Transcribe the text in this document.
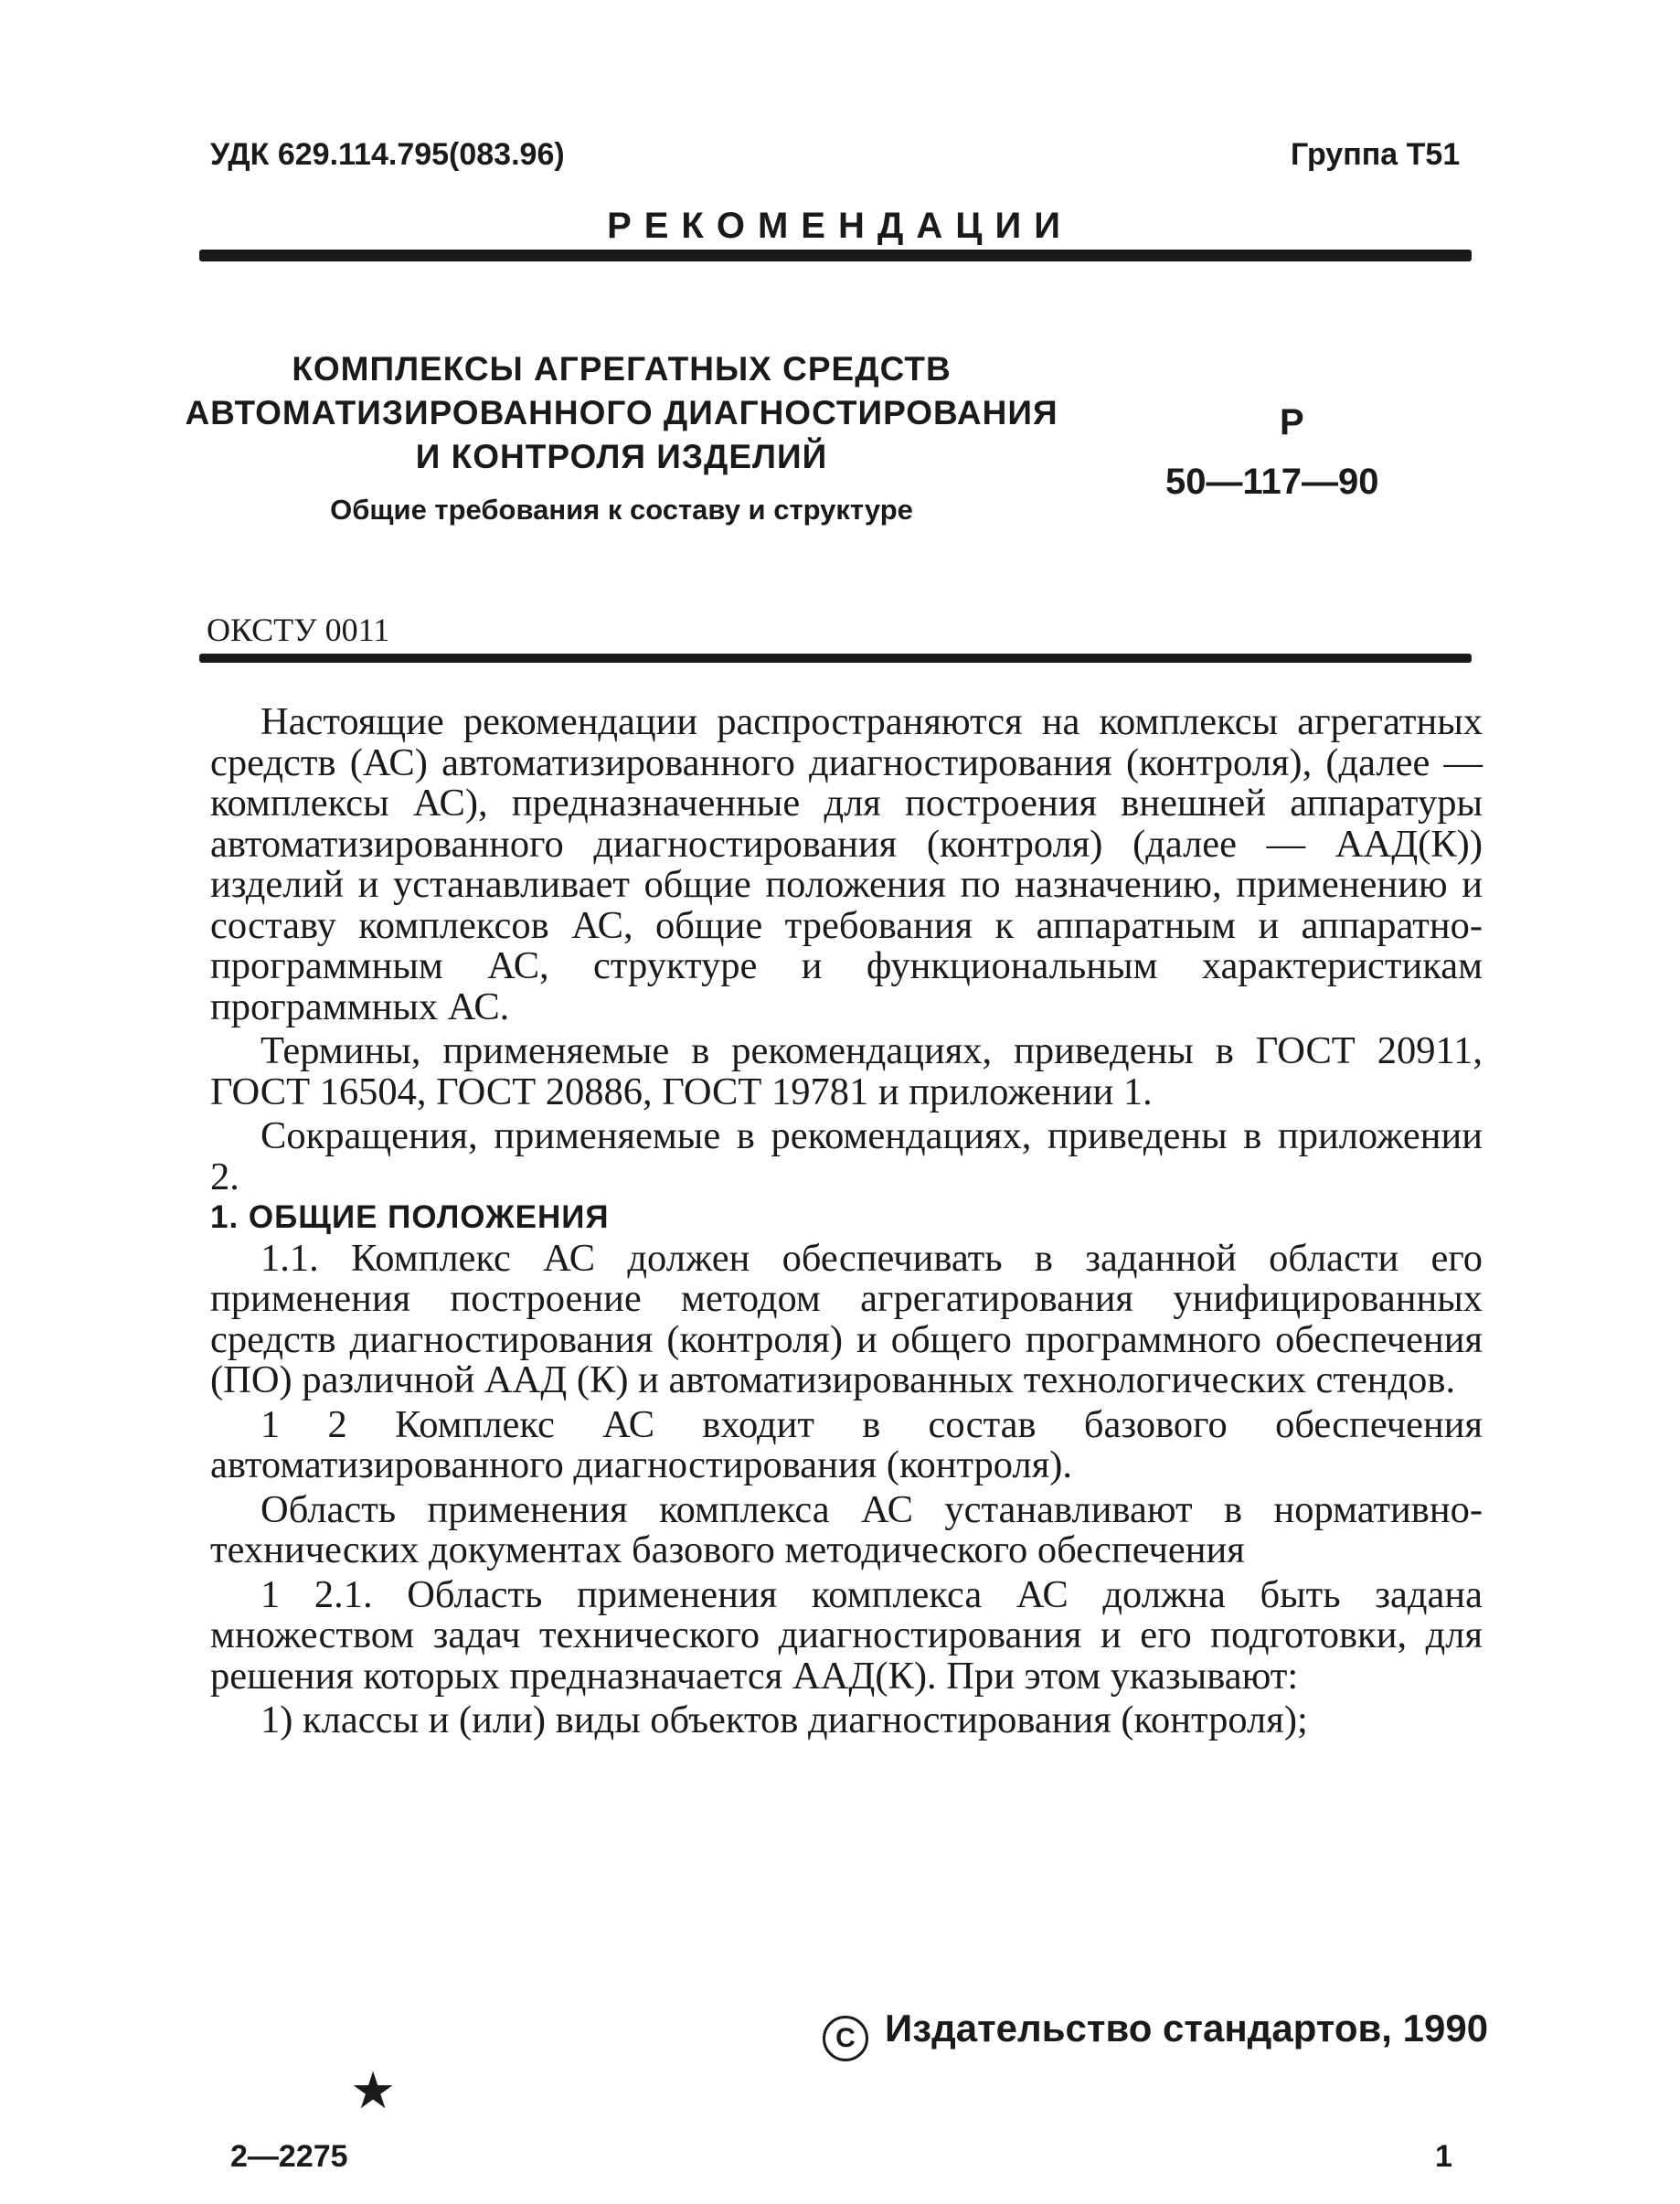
УДК 629.114.795(083.96)	Группа Т51
РЕКОМЕНДАЦИИ
КОМПЛЕКСЫ АГРЕГАТНЫХ СРЕДСТВ
АВТОМАТИЗИРОВАННОГО ДИАГНОСТИРОВАНИЯ
И КОНТРОЛЯ ИЗДЕЛИЙ
Общие требования к составу и структуре
Р
50—117—90
ОКСТУ 0011

Настоящие рекомендации распространяются на комплексы агрегатных средств (АС) автоматизированного диагностирования (контроля), (далее — комплексы АС), предназначенные для построения внешней аппаратуры автоматизированного диагностирования (контроля) (далее — ААД(К)) изделий и устанавливает общие положения по назначению, применению и составу комплексов АС, общие требования к аппаратным и аппаратно-программным АС, структуре и функциональным характеристикам программных АС.

Термины, применяемые в рекомендациях, приведены в ГОСТ 20911, ГОСТ 16504, ГОСТ 20886, ГОСТ 19781 и приложении 1.

Сокращения, применяемые в рекомендациях, приведены в приложении 2.

1. ОБЩИЕ ПОЛОЖЕНИЯ

1.1. Комплекс АС должен обеспечивать в заданной области его применения построение методом агрегатирования унифицированных средств диагностирования (контроля) и общего программного обеспечения (ПО) различной ААД (К) и автоматизированных технологических стендов.

1 2 Комплекс АС входит в состав базового обеспечения автоматизированного диагностирования (контроля).

Область применения комплекса АС устанавливают в нормативно-технических документах базового методического обеспечения

1 2.1. Область применения комплекса АС должна быть задана множеством задач технического диагностирования и его подготовки, для решения которых предназначается ААД(К). При этом указывают:

1) классы и (или) виды объектов диагностирования (контроля);

C Издательство стандартов, 1990
★
2—2275	1
